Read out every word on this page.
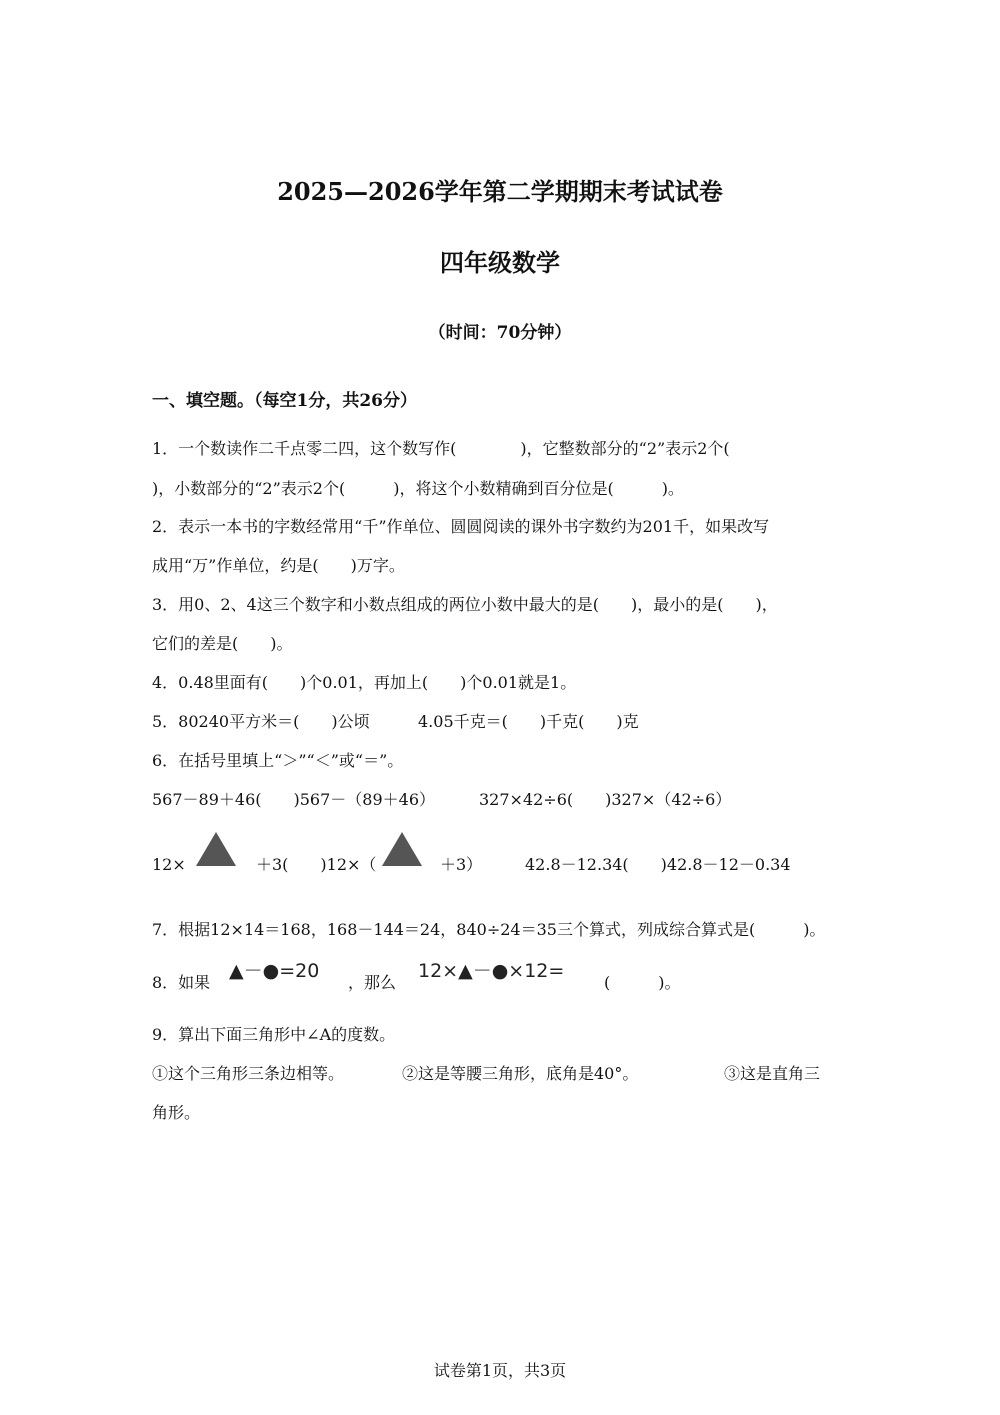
2025—2026学年第二学期期末考试试卷
四年级数学
（时间：70分钟）
一、填空题。（每空1分，共26分）
1．一个数读作二千点零二四，这个数写作(　　　　)，它整数部分的“2”表示2个(
)，小数部分的“2”表示2个(　　　)，将这个小数精确到百分位是(　　　)。
2．表示一本书的字数经常用“千”作单位、圆圆阅读的课外书字数约为201千，如果改写
成用“万”作单位，约是(　　)万字。
3．用0、2、4这三个数字和小数点组成的两位小数中最大的是(　　)，最小的是(　　)，
它们的差是(　　)。
4．0.48里面有(　　)个0.01，再加上(　　)个0.01就是1。
5．80240平方米＝(　　)公顷	4.05千克＝(　　)千克(　　)克
6．在括号里填上“＞”“＜”或“＝”。
567－89＋46(　　)567－（89＋46）	327×42÷6(　　)327×（42÷6）
12×	＋3(　　)12×（	＋3）	42.8－12.34(　　)42.8－12－0.34
7．根据12×14＝168，168－144＝24，840÷24＝35三个算式，列成综合算式是(　　　)。
8．如果
▲－●=20
，那么
12×▲－●×12=
(　　　)。
9．算出下面三角形中∠A的度数。
①这个三角形三条边相等。	②这是等腰三角形，底角是40°。	③这是直角三
角形。
试卷第1页，共3页
